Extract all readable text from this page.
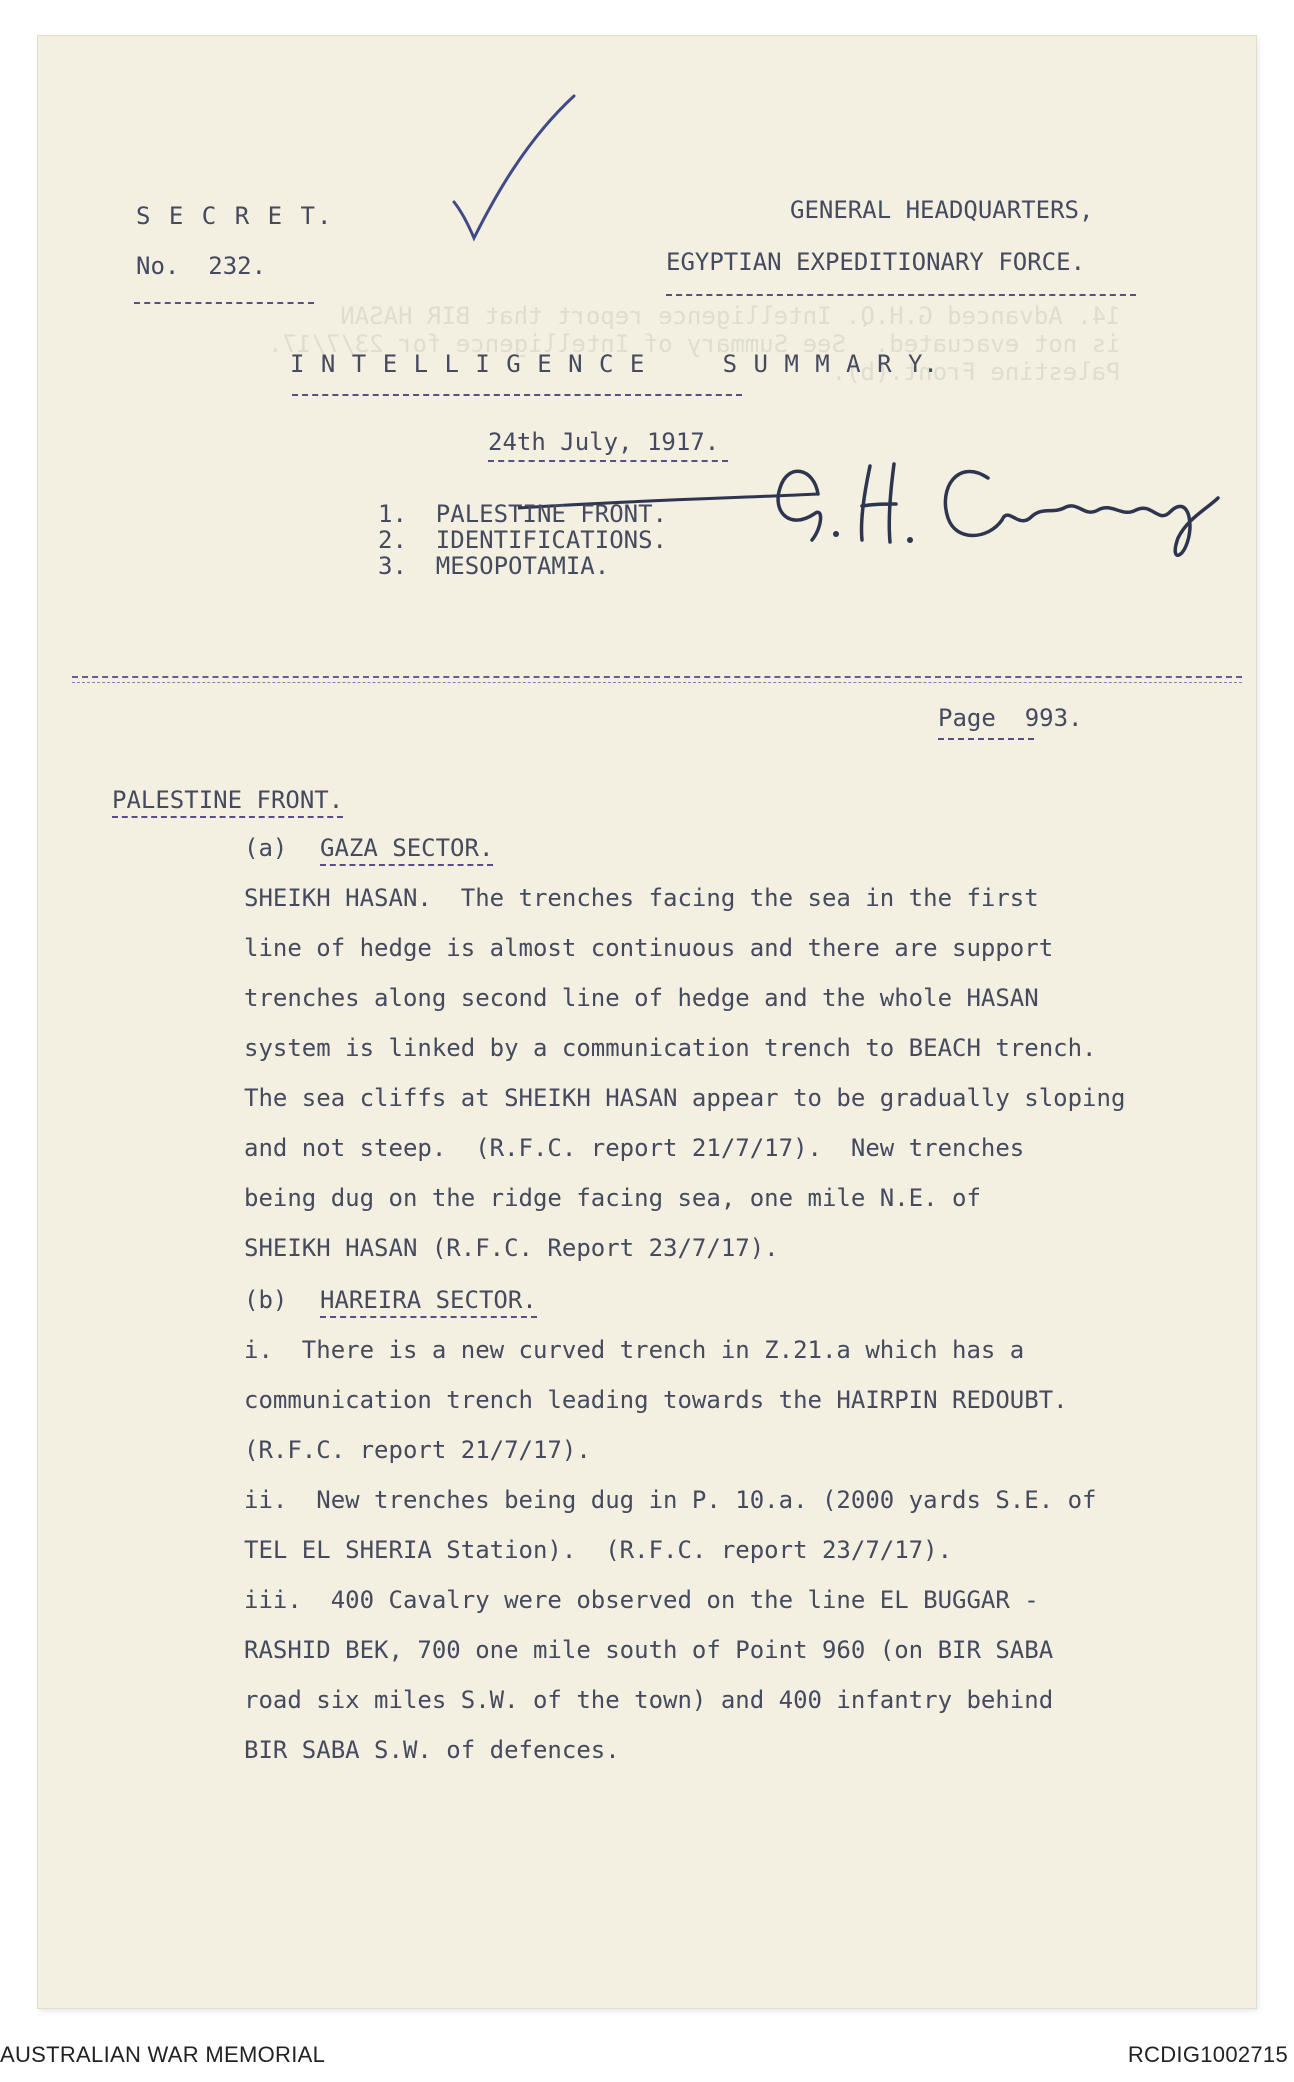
14. Advanced G.H.Q. Intelligence report that BIR HASAN
is not evacuated.  See Summary of Intelligence for 23/7/17.
Palestine Front.(b).
S E C R E T.
No.  232.
GENERAL HEADQUARTERS,
EGYPTIAN EXPEDITIONARY FORCE.
I N T E L L I G E N C E     S U M M A R Y.
24th July, 1917.
1.  PALESTINE FRONT.
2.  IDENTIFICATIONS.
3.  MESOPOTAMIA.
Page  993.
PALESTINE FRONT.
(a) GAZA SECTOR.
SHEIKH HASAN.  The trenches facing the sea in the first
line of hedge is almost continuous and there are support
trenches along second line of hedge and the whole HASAN
system is linked by a communication trench to BEACH trench.
The sea cliffs at SHEIKH HASAN appear to be gradually sloping
and not steep.  (R.F.C. report 21/7/17).  New trenches
being dug on the ridge facing sea, one mile N.E. of
SHEIKH HASAN (R.F.C. Report 23/7/17).
(b) HAREIRA SECTOR.
i.  There is a new curved trench in Z.21.a which has a
communication trench leading towards the HAIRPIN REDOUBT.
(R.F.C. report 21/7/17).
ii.  New trenches being dug in P. 10.a. (2000 yards S.E. of
TEL EL SHERIA Station).  (R.F.C. report 23/7/17).
iii.  400 Cavalry were observed on the line EL BUGGAR -
RASHID BEK, 700 one mile south of Point 960 (on BIR SABA
road six miles S.W. of the town) and 400 infantry behind
BIR SABA S.W. of defences.
AUSTRALIAN WAR MEMORIAL	RCDIG1002715
